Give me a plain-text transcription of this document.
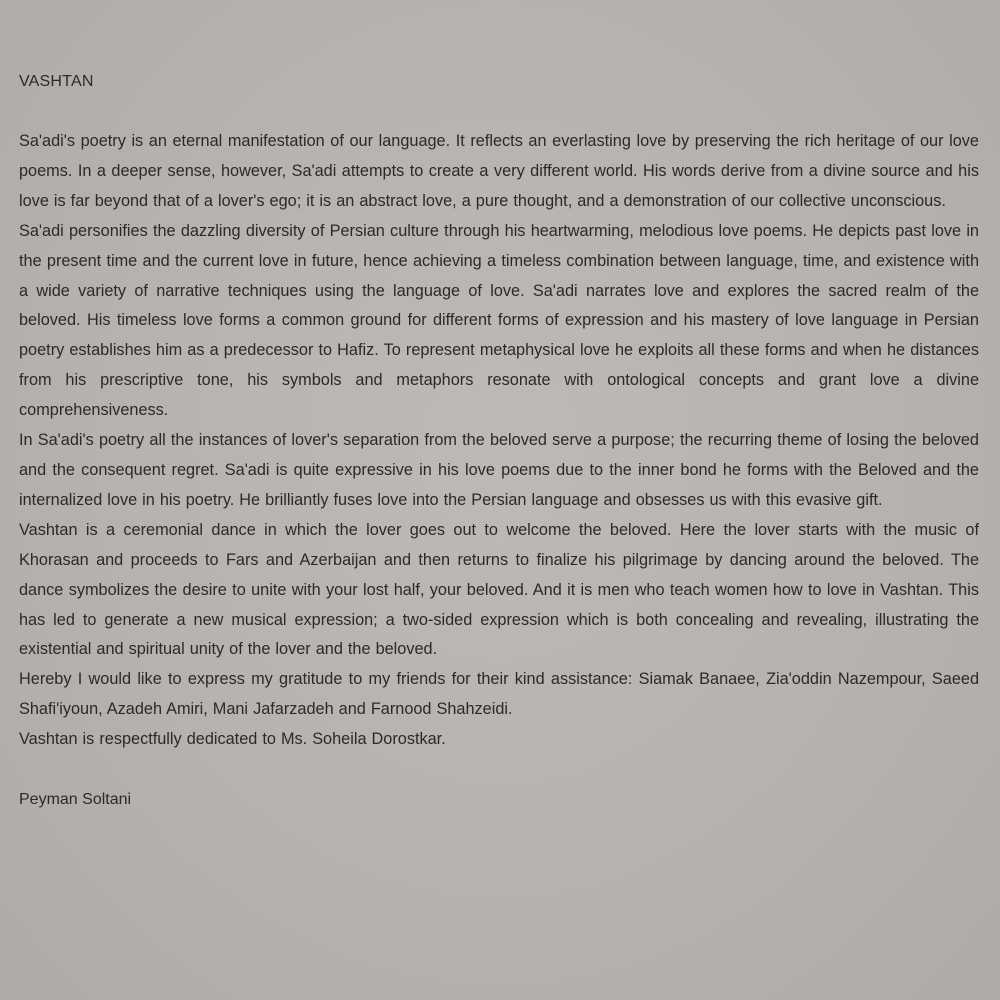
VASHTAN

Sa'adi's poetry is an eternal manifestation of our language. It reflects an everlasting love by preserving the rich heritage of our love poems. In a deeper sense, however, Sa'adi attempts to create a very different world. His words derive from a divine source and his love is far beyond that of a lover's ego; it is an abstract love, a pure thought, and a demonstration of our collective unconscious.

Sa'adi personifies the dazzling diversity of Persian culture through his heartwarming, melodious love poems. He depicts past love in the present time and the current love in future, hence achieving a timeless combination between language, time, and existence with a wide variety of narrative techniques using the language of love. Sa'adi narrates love and explores the sacred realm of the beloved. His timeless love forms a common ground for different forms of expression and his mastery of love language in Persian poetry establishes him as a predecessor to Hafiz. To represent metaphysical love he exploits all these forms and when he distances from his prescriptive tone, his symbols and metaphors resonate with ontological concepts and grant love a divine comprehensiveness.

In Sa'adi's poetry all the instances of lover's separation from the beloved serve a purpose; the recurring theme of losing the beloved and the consequent regret. Sa'adi is quite expressive in his love poems due to the inner bond he forms with the Beloved and the internalized love in his poetry. He brilliantly fuses love into the Persian language and obsesses us with this evasive gift.

Vashtan is a ceremonial dance in which the lover goes out to welcome the beloved. Here the lover starts with the music of Khorasan and proceeds to Fars and Azerbaijan and then returns to finalize his pilgrimage by dancing around the beloved. The dance symbolizes the desire to unite with your lost half, your beloved. And it is men who teach women how to love in Vashtan. This has led to generate a new musical expression; a two-sided expression which is both concealing and revealing, illustrating the existential and spiritual unity of the lover and the beloved.

Hereby I would like to express my gratitude to my friends for their kind assistance: Siamak Banaee, Zia'oddin Nazempour, Saeed Shafi'iyoun, Azadeh Amiri, Mani Jafarzadeh and Farnood Shahzeidi.

Vashtan is respectfully dedicated to Ms. Soheila Dorostkar.

Peyman Soltani
